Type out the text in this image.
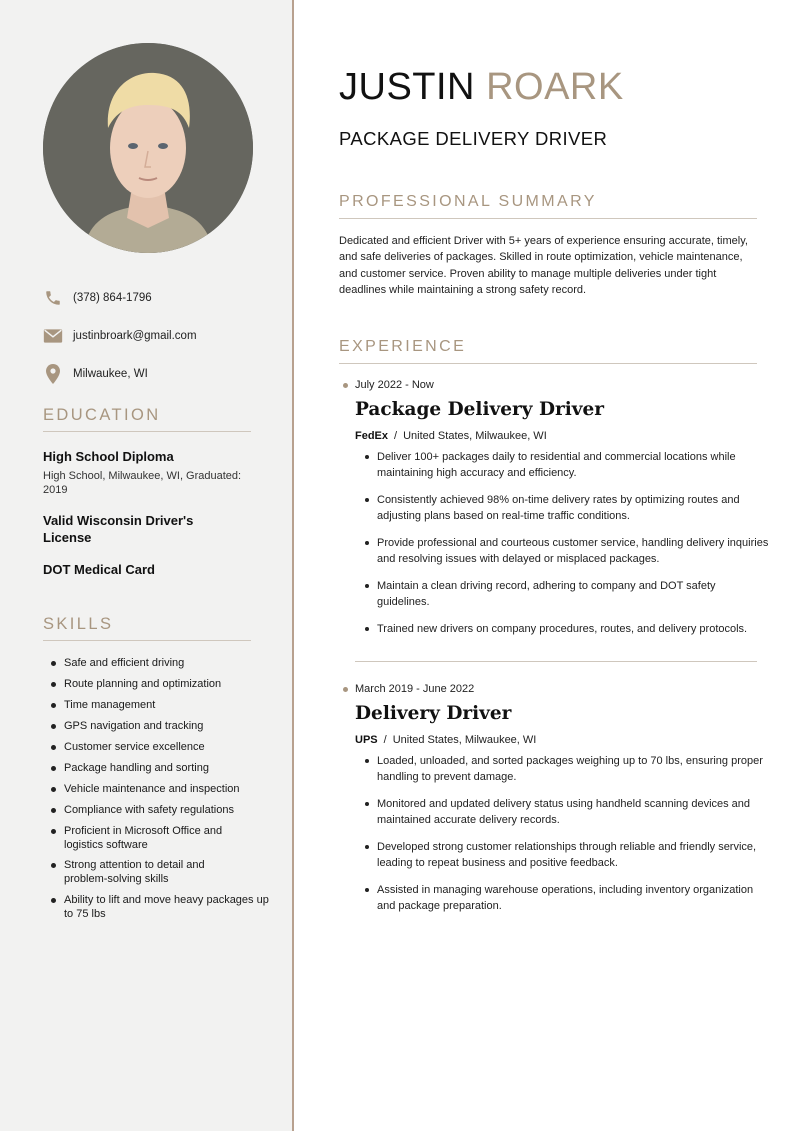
(378) 864-1796
justinbroark@gmail.com
Milwaukee, WI
EDUCATION
High School Diploma
High School, Milwaukee, WI, Graduated: 2019
Valid Wisconsin Driver's License
DOT Medical Card
SKILLS
Safe and efficient driving
Route planning and optimization
Time management
GPS navigation and tracking
Customer service excellence
Package handling and sorting
Vehicle maintenance and inspection
Compliance with safety regulations
Proficient in Microsoft Office and logistics software
Strong attention to detail and problem-solving skills
Ability to lift and move heavy packages up to 75 lbs
JUSTIN ROARK
PACKAGE DELIVERY DRIVER
PROFESSIONAL SUMMARY
Dedicated and efficient Driver with 5+ years of experience ensuring accurate, timely, and safe deliveries of packages. Skilled in route optimization, vehicle maintenance, and customer service. Proven ability to manage multiple deliveries under tight deadlines while maintaining a strong safety record.
EXPERIENCE
July 2022 - Now
Package Delivery Driver
FedEx / United States, Milwaukee, WI
Deliver 100+ packages daily to residential and commercial locations while maintaining high accuracy and efficiency.
Consistently achieved 98% on-time delivery rates by optimizing routes and adjusting plans based on real-time traffic conditions.
Provide professional and courteous customer service, handling delivery inquiries and resolving issues with delayed or misplaced packages.
Maintain a clean driving record, adhering to company and DOT safety guidelines.
Trained new drivers on company procedures, routes, and delivery protocols.
March 2019 - June 2022
Delivery Driver
UPS / United States, Milwaukee, WI
Loaded, unloaded, and sorted packages weighing up to 70 lbs, ensuring proper handling to prevent damage.
Monitored and updated delivery status using handheld scanning devices and maintained accurate delivery records.
Developed strong customer relationships through reliable and friendly service, leading to repeat business and positive feedback.
Assisted in managing warehouse operations, including inventory organization and package preparation.
